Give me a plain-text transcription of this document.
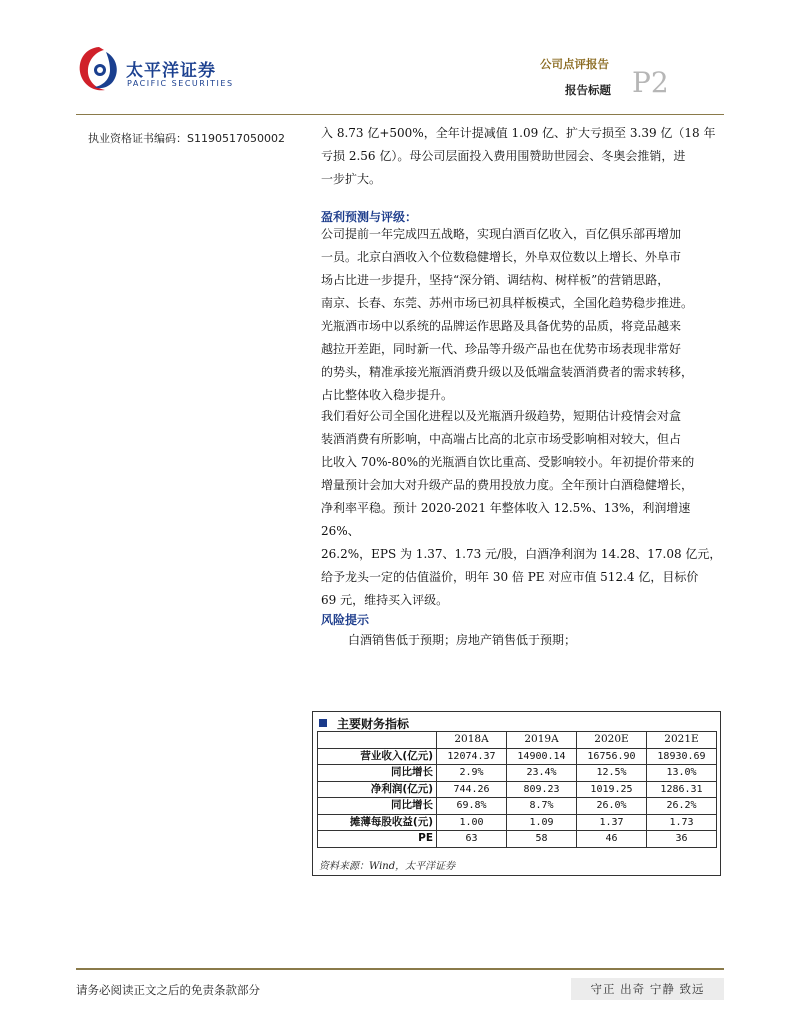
太平洋证券
PACIFIC SECURITIES
公司点评报告
报告标题 P2
执业资格证书编码：S1190517050002	入 8.73 亿+500%，全年计提减值 1.09 亿、扩大亏损至 3.39 亿（18 年
亏损 2.56 亿）。母公司层面投入费用围赞助世园会、冬奥会推销，进
一步扩大。
盈利预测与评级：
公司提前一年完成四五战略，实现白酒百亿收入，百亿俱乐部再增加
一员。北京白酒收入个位数稳健增长，外阜双位数以上增长、外阜市
场占比进一步提升，坚持“深分销、调结构、树样板”的营销思路，
南京、长春、东莞、苏州市场已初具样板模式，全国化趋势稳步推进。
光瓶酒市场中以系统的品牌运作思路及具备优势的品质，将竞品越来
越拉开差距，同时新一代、珍品等升级产品也在优势市场表现非常好
的势头，精准承接光瓶酒消费升级以及低端盒装酒消费者的需求转移，
占比整体收入稳步提升。
我们看好公司全国化进程以及光瓶酒升级趋势，短期估计疫情会对盒
装酒消费有所影响，中高端占比高的北京市场受影响相对较大，但占
比收入 70%-80%的光瓶酒自饮比重高、受影响较小。年初提价带来的
增量预计会加大对升级产品的费用投放力度。全年预计白酒稳健增长，
净利率平稳。预计 2020-2021 年整体收入 12.5%、13%，利润增速 26%、
26.2%，EPS 为 1.37、1.73 元/股，白酒净利润为 14.28、17.08 亿元，
给予龙头一定的估值溢价，明年 30 倍 PE 对应市值 512.4 亿，目标价
69 元，维持买入评级。
风险提示
白酒销售低于预期；房地产销售低于预期；
主要财务指标
	2018A	2019A	2020E	2021E
营业收入(亿元)	12074.37	14900.14	16756.90	18930.69
同比增长	2.9%	23.4%	12.5%	13.0%
净利润(亿元)	744.26	809.23	1019.25	1286.31
同比增长	69.8%	8.7%	26.0%	26.2%
摊薄每股收益(元)	1.00	1.09	1.37	1.73
PE	63	58	46	36
资料来源：Wind，太平洋证券
请务必阅读正文之后的免责条款部分	守正 出奇 宁静 致远
